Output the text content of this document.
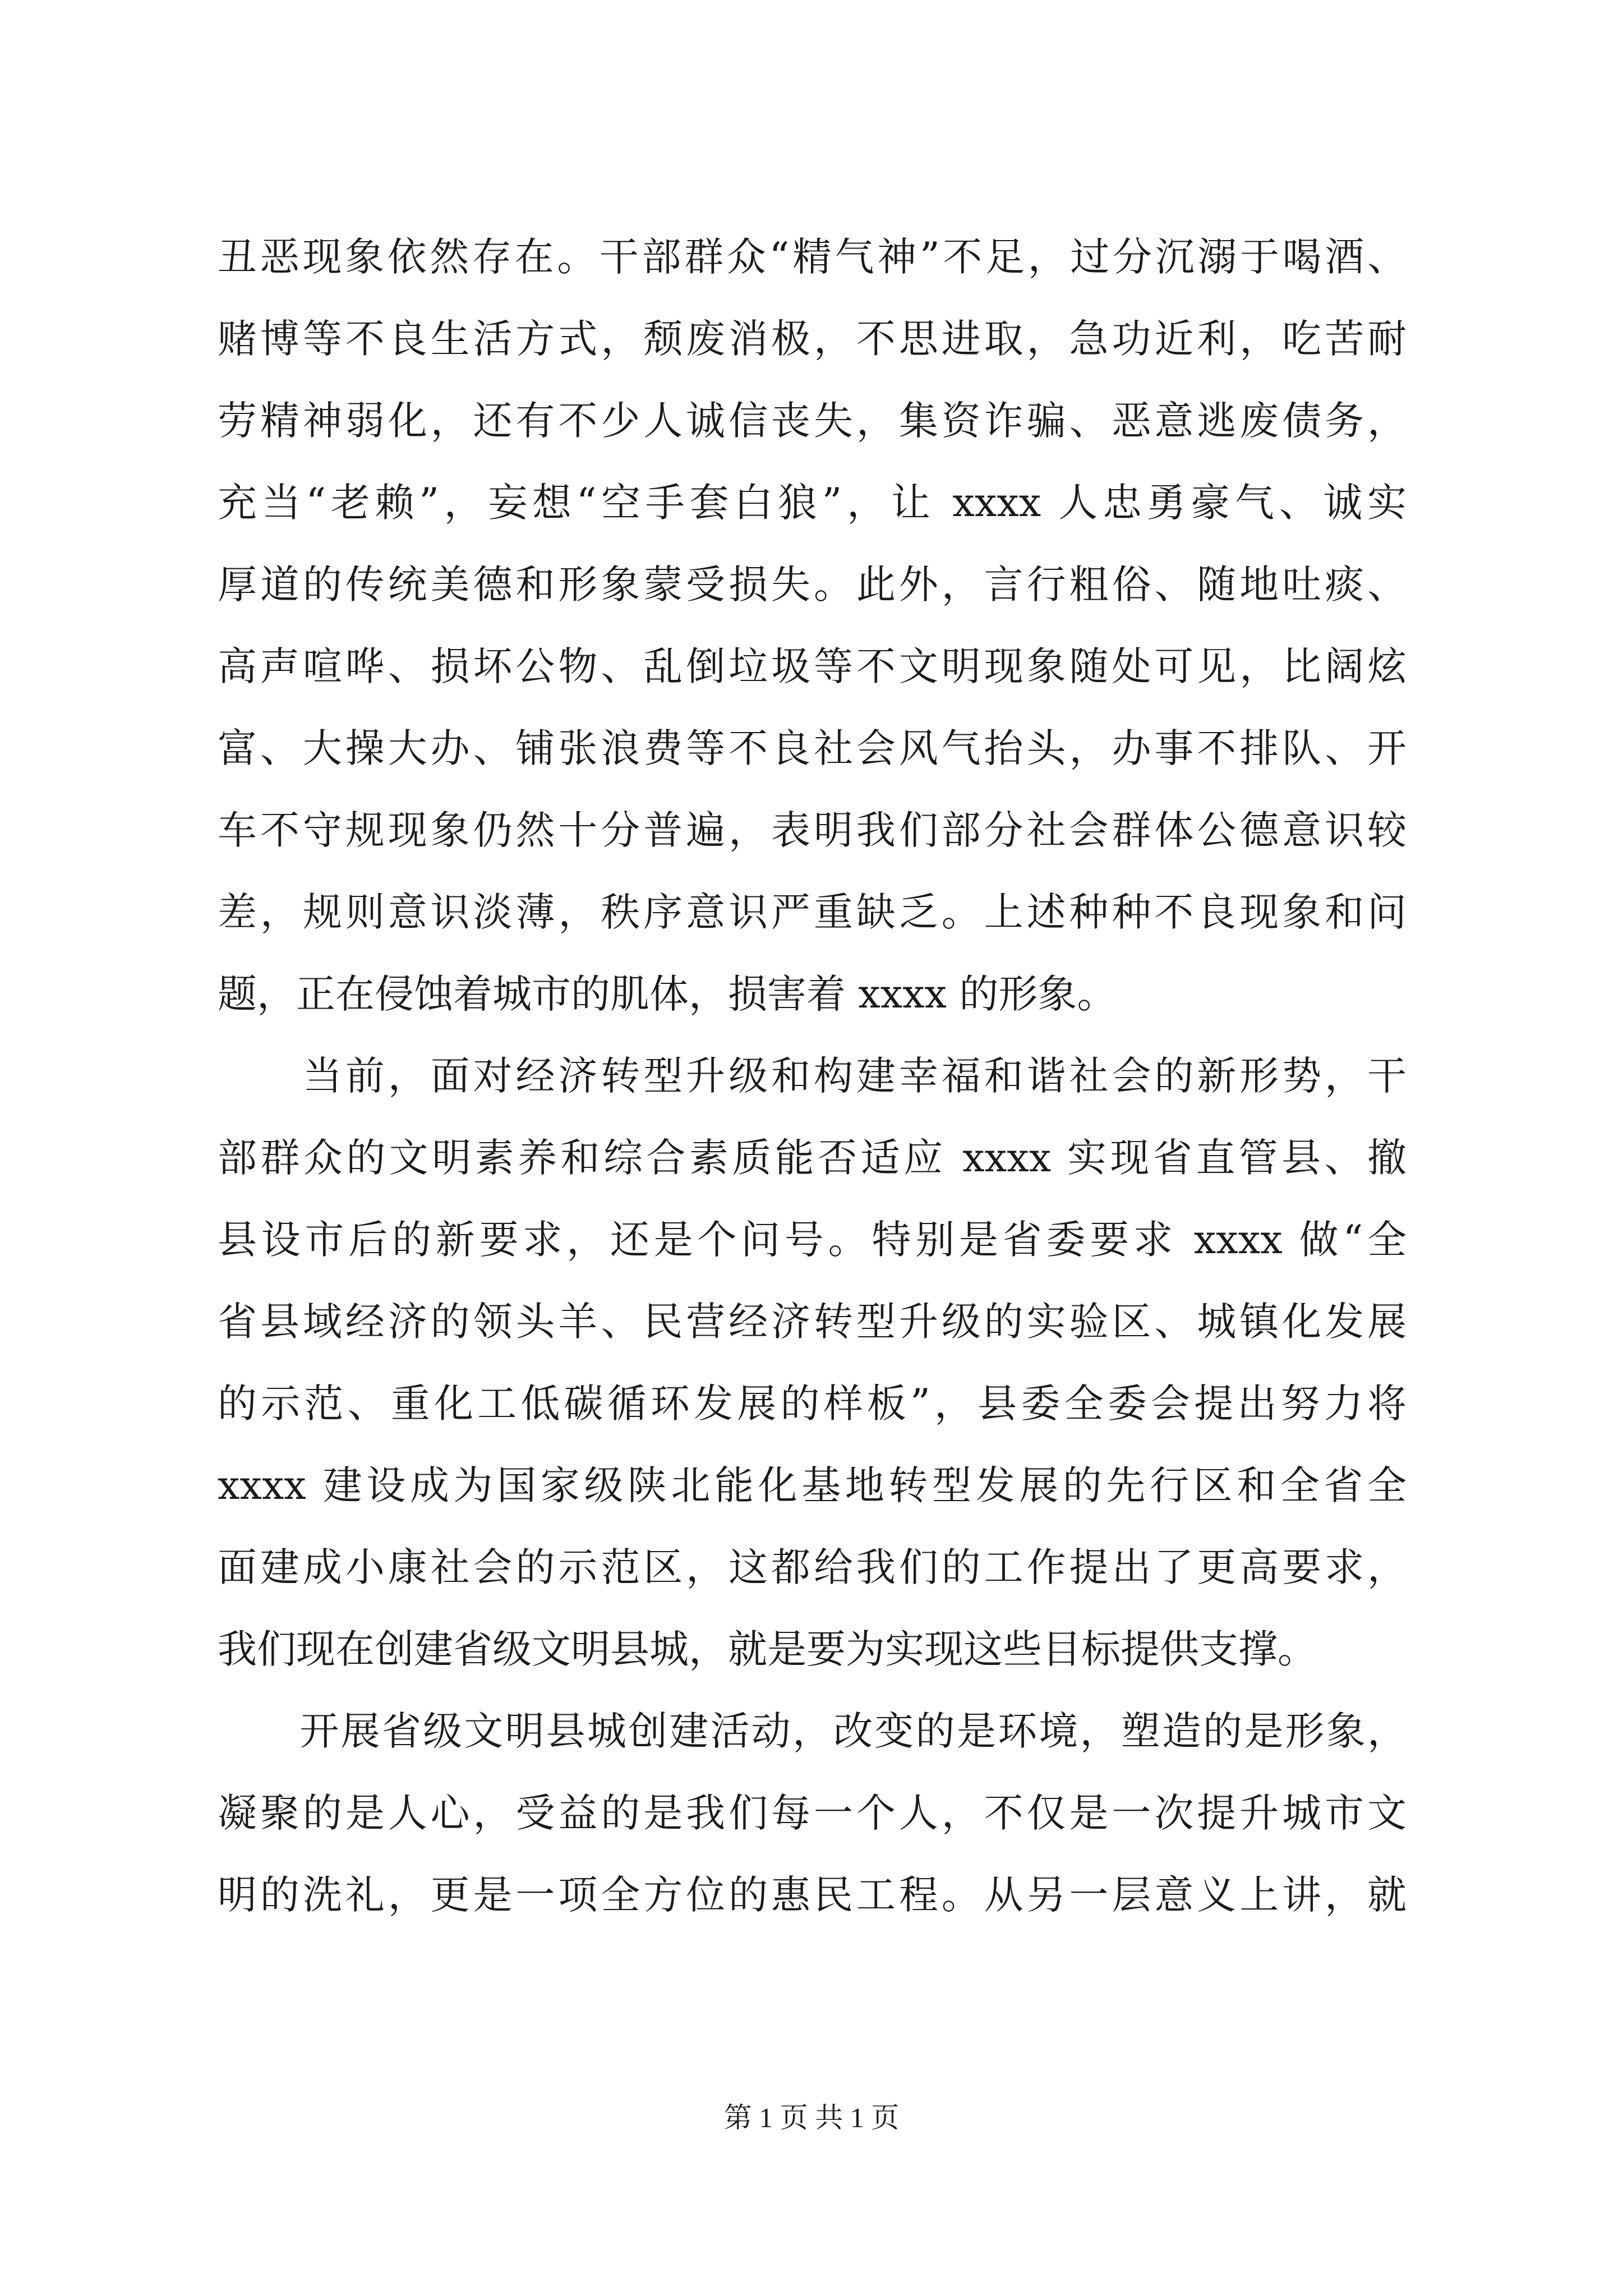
丑恶现象依然存在。干部群众“精气神”不足，过分沉溺于喝酒、

赌博等不良生活方式，颓废消极，不思进取，急功近利，吃苦耐

劳精神弱化，还有不少人诚信丧失，集资诈骗、恶意逃废债务，

充当“老赖”，妄想“空手套白狼”，让 xxxx 人忠勇豪气、诚实

厚道的传统美德和形象蒙受损失。此外，言行粗俗、随地吐痰、

高声喧哗、损坏公物、乱倒垃圾等不文明现象随处可见，比阔炫

富、大操大办、铺张浪费等不良社会风气抬头，办事不排队、开

车不守规现象仍然十分普遍，表明我们部分社会群体公德意识较

差，规则意识淡薄，秩序意识严重缺乏。上述种种不良现象和问

题，正在侵蚀着城市的肌体，损害着 xxxx 的形象。

　　当前，面对经济转型升级和构建幸福和谐社会的新形势，干

部群众的文明素养和综合素质能否适应 xxxx 实现省直管县、撤

县设市后的新要求，还是个问号。特别是省委要求 xxxx 做“全

省县域经济的领头羊、民营经济转型升级的实验区、城镇化发展

的示范、重化工低碳循环发展的样板”，县委全委会提出努力将

xxxx 建设成为国家级陕北能化基地转型发展的先行区和全省全

面建成小康社会的示范区，这都给我们的工作提出了更高要求，

我们现在创建省级文明县城，就是要为实现这些目标提供支撑。

　　开展省级文明县城创建活动，改变的是环境，塑造的是形象，

凝聚的是人心，受益的是我们每一个人，不仅是一次提升城市文

明的洗礼，更是一项全方位的惠民工程。从另一层意义上讲，就

第 1 页 共 1 页
